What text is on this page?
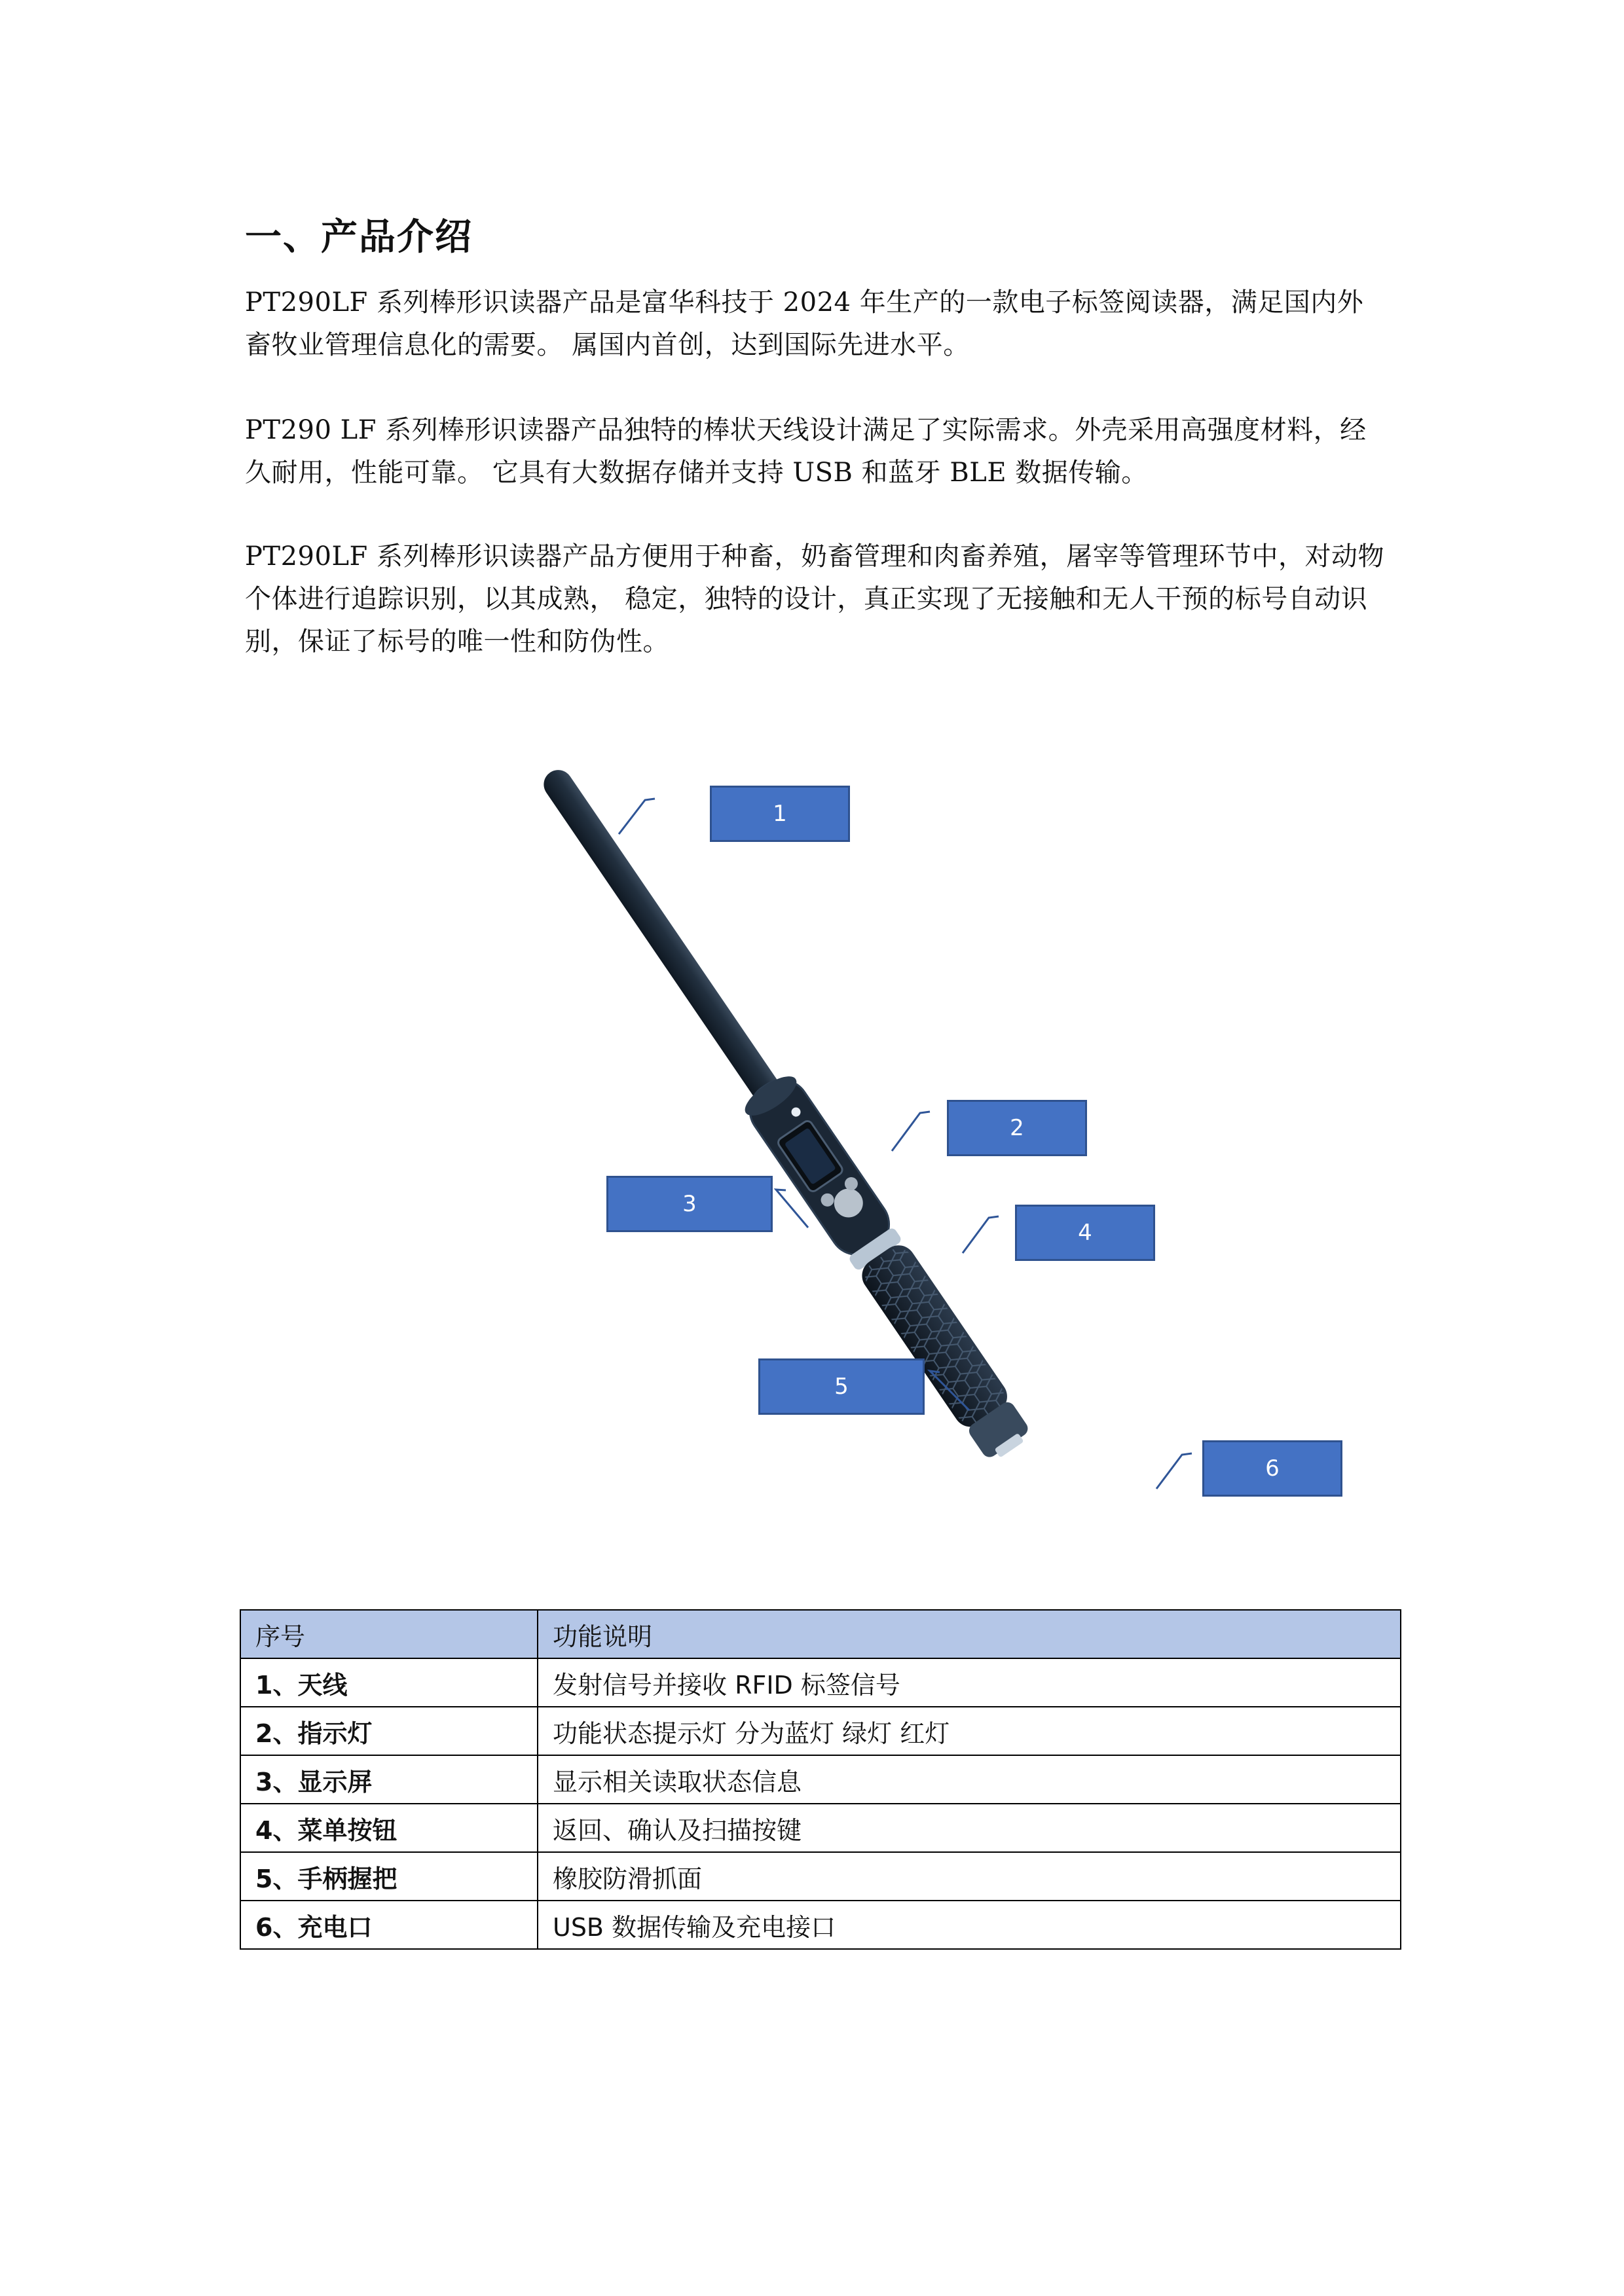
一、产品介绍

PT290LF 系列棒形识读器产品是富华科技于 2024 年生产的一款电子标签阅读器，满足国内外畜牧业管理信息化的需要。 属国内首创，达到国际先进水平。

PT290 LF 系列棒形识读器产品独特的棒状天线设计满足了实际需求。外壳采用高强度材料，经久耐用，性能可靠。 它具有大数据存储并支持 USB 和蓝牙 BLE 数据传输。

PT290LF 系列棒形识读器产品方便用于种畜，奶畜管理和肉畜养殖，屠宰等管理环节中，对动物个体进行追踪识别，以其成熟， 稳定，独特的设计，真正实现了无接触和无人干预的标号自动识别，保证了标号的唯一性和防伪性。

1
2
3
4
5
6
序号	功能说明
1、天线	发射信号并接收 RFID 标签信号
2、指示灯	功能状态提示灯 分为蓝灯 绿灯 红灯
3、显示屏	显示相关读取状态信息
4、菜单按钮	返回、确认及扫描按键
5、手柄握把	橡胶防滑抓面
6、充电口	USB 数据传输及充电接口
